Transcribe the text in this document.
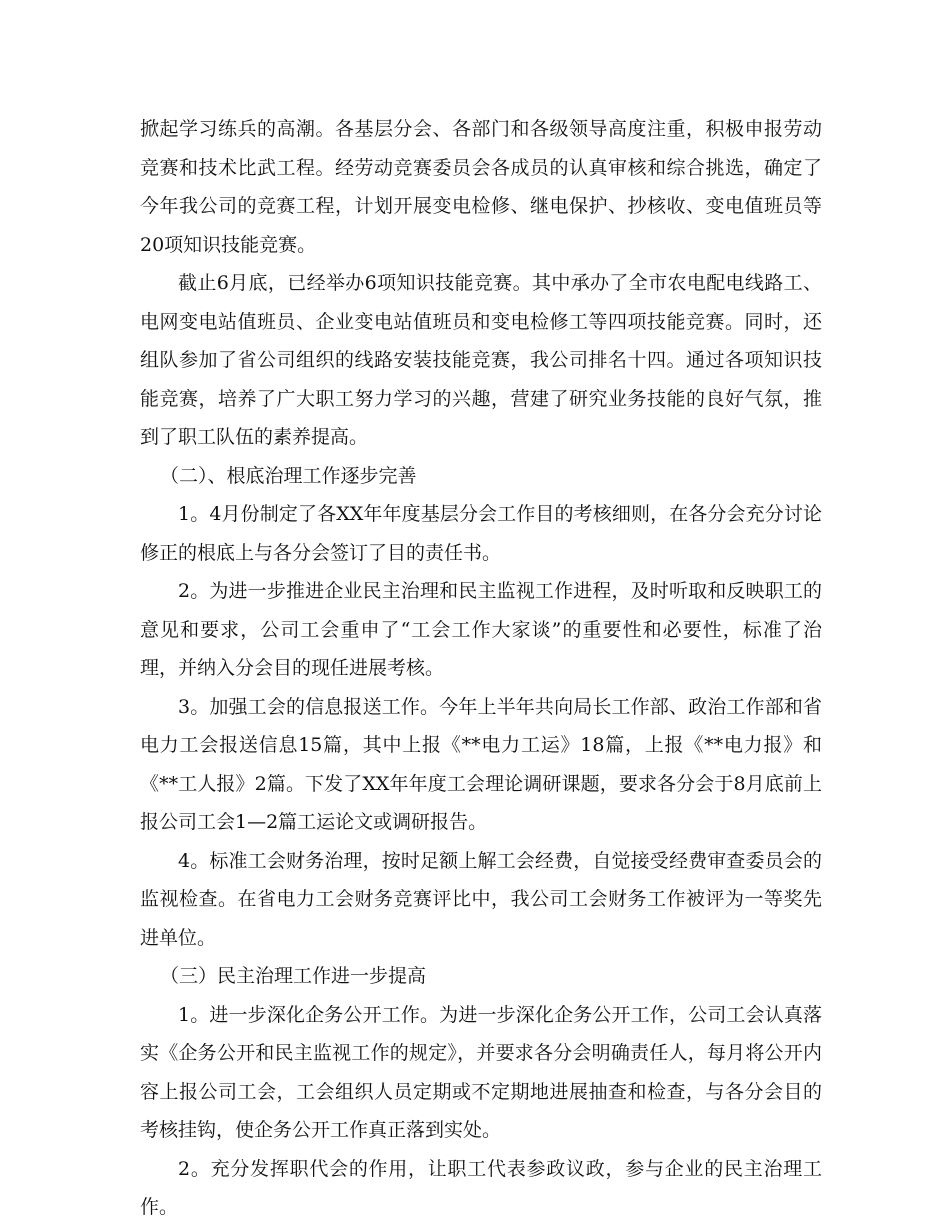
掀起学习练兵的高潮。各基层分会、各部门和各级领导高度注重，积极申报劳动竞赛和技术比武工程。经劳动竞赛委员会各成员的认真审核和综合挑选，确定了今年我公司的竞赛工程，计划开展变电检修、继电保护、抄核收、变电值班员等20项知识技能竞赛。

截止6月底，已经举办6项知识技能竞赛。其中承办了全市农电配电线路工、电网变电站值班员、企业变电站值班员和变电检修工等四项技能竞赛。同时，还组队参加了省公司组织的线路安装技能竞赛，我公司排名十四。通过各项知识技能竞赛，培养了广大职工努力学习的兴趣，营建了研究业务技能的良好气氛，推到了职工队伍的素养提高。

（二）、根底治理工作逐步完善

1。4月份制定了各XX年年度基层分会工作目的考核细则，在各分会充分讨论修正的根底上与各分会签订了目的责任书。

2。为进一步推进企业民主治理和民主监视工作进程，及时听取和反映职工的意见和要求，公司工会重申了“工会工作大家谈”的重要性和必要性，标准了治理，并纳入分会目的现任进展考核。

3。加强工会的信息报送工作。今年上半年共向局长工作部、政治工作部和省电力工会报送信息15篇，其中上报《**电力工运》18篇，上报《**电力报》和《**工人报》2篇。下发了XX年年度工会理论调研课题，要求各分会于8月底前上报公司工会1—2篇工运论文或调研报告。

4。标准工会财务治理，按时足额上解工会经费，自觉接受经费审查委员会的监视检查。在省电力工会财务竞赛评比中，我公司工会财务工作被评为一等奖先进单位。

（三）民主治理工作进一步提高

1。进一步深化企务公开工作。为进一步深化企务公开工作，公司工会认真落实《企务公开和民主监视工作的规定》，并要求各分会明确责任人，每月将公开内容上报公司工会，工会组织人员定期或不定期地进展抽查和检查，与各分会目的考核挂钩，使企务公开工作真正落到实处。

2。充分发挥职代会的作用，让职工代表参政议政，参与企业的民主治理工作。
